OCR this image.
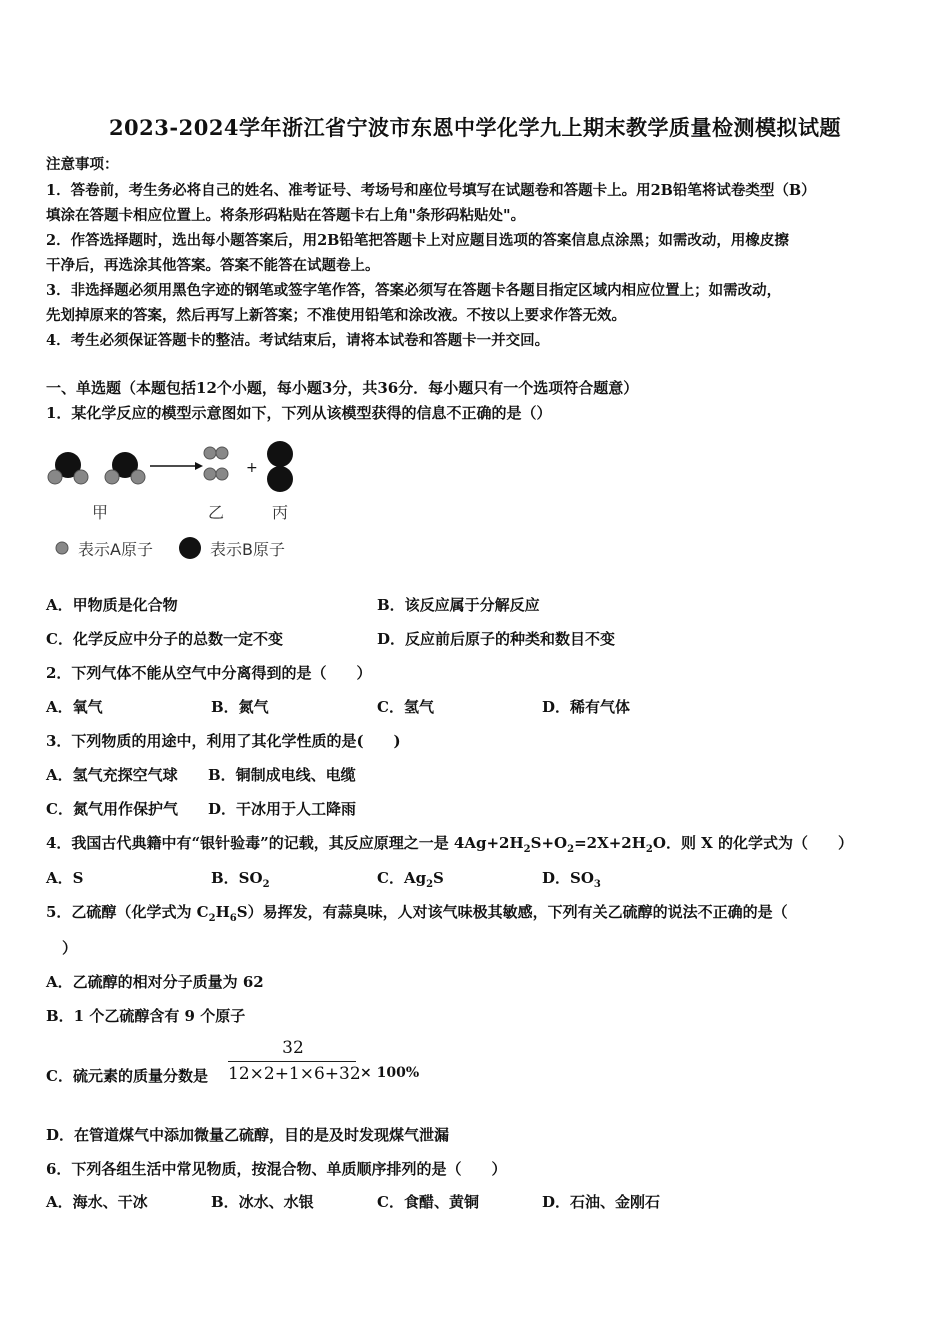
2023-2024学年浙江省宁波市东恩中学化学九上期末教学质量检测模拟试题
注意事项：
1．答卷前，考生务必将自己的姓名、准考证号、考场号和座位号填写在试题卷和答题卡上。用2B铅笔将试卷类型（B）
填涂在答题卡相应位置上。将条形码粘贴在答题卡右上角"条形码粘贴处"。
2．作答选择题时，选出每小题答案后，用2B铅笔把答题卡上对应题目选项的答案信息点涂黑；如需改动，用橡皮擦
干净后，再选涂其他答案。答案不能答在试题卷上。
3．非选择题必须用黑色字迹的钢笔或签字笔作答，答案必须写在答题卡各题目指定区域内相应位置上；如需改动，
先划掉原来的答案，然后再写上新答案；不准使用铅笔和涂改液。不按以上要求作答无效。
4．考生必须保证答题卡的整洁。考试结束后，请将本试卷和答题卡一并交回。
一、单选题（本题包括12个小题，每小题3分，共36分．每小题只有一个选项符合题意）
1．某化学反应的模型示意图如下，下列从该模型获得的信息不正确的是（）
+
甲	乙	丙
表示A原子	表示B原子
A．甲物质是化合物	B．该反应属于分解反应
C．化学反应中分子的总数一定不变	D．反应前后原子的种类和数目不变
2．下列气体不能从空气中分离得到的是（　　）
A．氧气	B．氮气	C．氢气	D．稀有气体
3．下列物质的用途中，利用了其化学性质的是(　　)
A．氢气充探空气球 B．铜制成电线、电缆
C．氮气用作保护气 D．干冰用于人工降雨
4．我国古代典籍中有“银针验毒”的记载，其反应原理之一是 $4Ag+2H_2S+O_2=2X+2H_2O$．则 X 的化学式为（　　）
A．S	B．$SO_2$	C．$Ag_2S$	D．$SO_3$
5．乙硫醇（化学式为 $C_2H_6S$）易挥发，有蒜臭味，人对该气味极其敏感，下列有关乙硫醇的说法不正确的是（
）
A．乙硫醇的相对分子质量为 62
B．1 个乙硫醇含有 9 个原子
C．硫元素的质量分数是
32
12×2+1×6+32 × 100%
D．在管道煤气中添加微量乙硫醇，目的是及时发现煤气泄漏
6．下列各组生活中常见物质，按混合物、单质顺序排列的是（　　）
A．海水、干冰	B．冰水、水银	C．食醋、黄铜	D．石油、金刚石
